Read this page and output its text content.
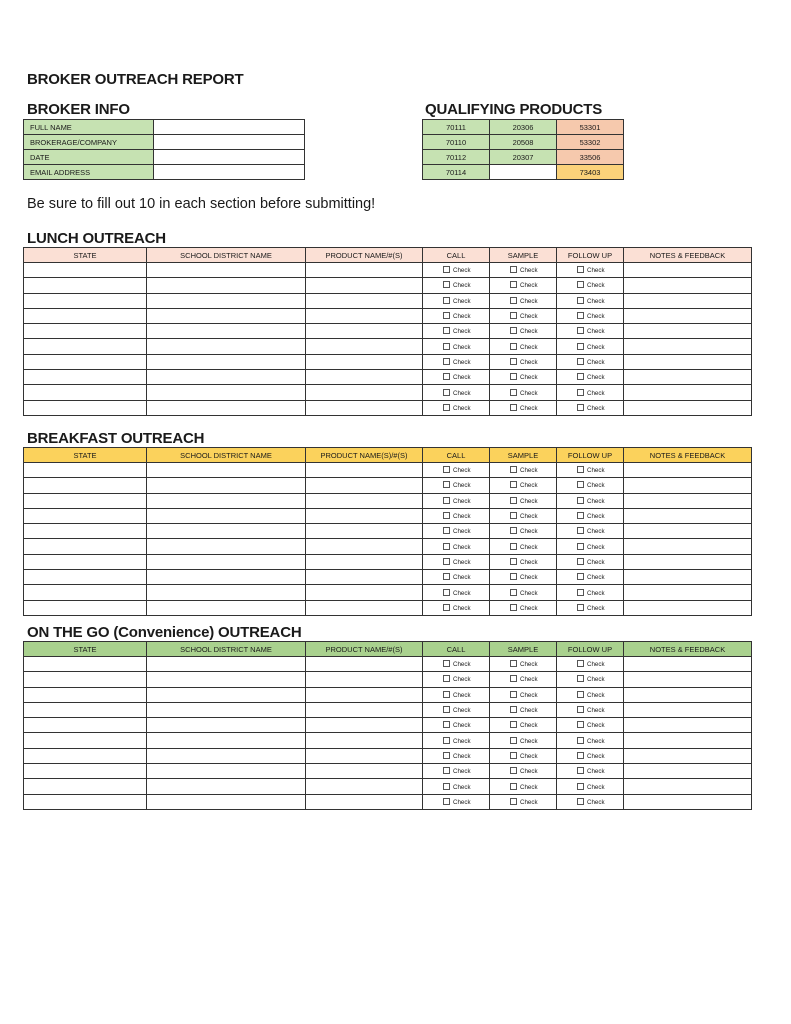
BROKER OUTREACH REPORT
BROKER INFO
FULL NAME	
BROKERAGE/COMPANY	
DATE	
EMAIL ADDRESS	
QUALIFYING PRODUCTS
70111	20306	53301
70110	20508	53302
70112	20307	33506
70114		73403
Be sure to fill out 10 in each section before submitting!
LUNCH OUTREACH
STATE	SCHOOL DISTRICT NAME	PRODUCT NAME/#(S)	CALL	SAMPLE	FOLLOW UP	NOTES & FEEDBACK
			Check	Check	Check	
			Check	Check	Check	
			Check	Check	Check	
			Check	Check	Check	
			Check	Check	Check	
			Check	Check	Check	
			Check	Check	Check	
			Check	Check	Check	
			Check	Check	Check	
			Check	Check	Check	
BREAKFAST OUTREACH
STATE	SCHOOL DISTRICT NAME	PRODUCT NAME(S)/#(S)	CALL	SAMPLE	FOLLOW UP	NOTES & FEEDBACK
			Check	Check	Check	
			Check	Check	Check	
			Check	Check	Check	
			Check	Check	Check	
			Check	Check	Check	
			Check	Check	Check	
			Check	Check	Check	
			Check	Check	Check	
			Check	Check	Check	
			Check	Check	Check	
ON THE GO (Convenience) OUTREACH
STATE	SCHOOL DISTRICT NAME	PRODUCT NAME/#(S)	CALL	SAMPLE	FOLLOW UP	NOTES & FEEDBACK
			Check	Check	Check	
			Check	Check	Check	
			Check	Check	Check	
			Check	Check	Check	
			Check	Check	Check	
			Check	Check	Check	
			Check	Check	Check	
			Check	Check	Check	
			Check	Check	Check	
			Check	Check	Check	
